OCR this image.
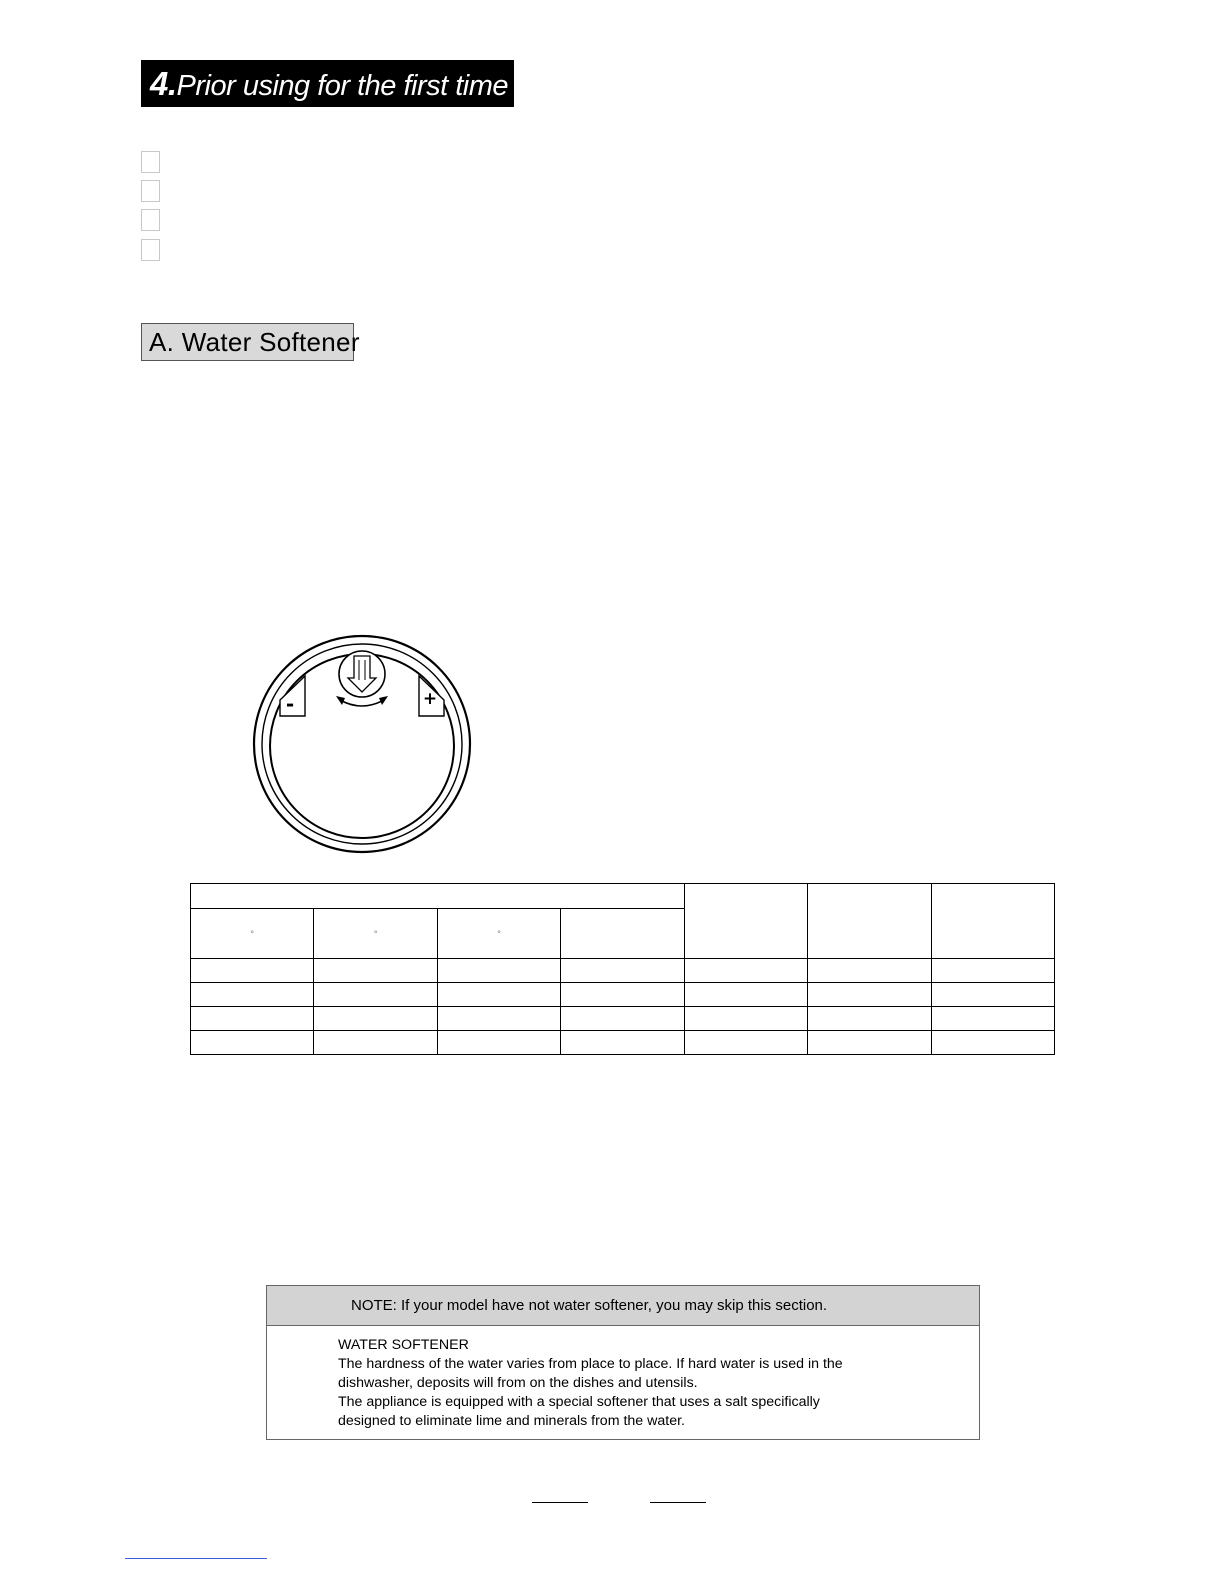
4.Prior using for the first time
A. Water Softener
-	+

°	°	°				

NOTE: If your model have not water softener, you may skip this section.
WATER SOFTENER
The hardness of the water varies from place to place. If hard water is used in the
dishwasher, deposits will from on the dishes and utensils.
The appliance is equipped with a special softener that uses a salt specifically
designed to eliminate lime and minerals from the water.
